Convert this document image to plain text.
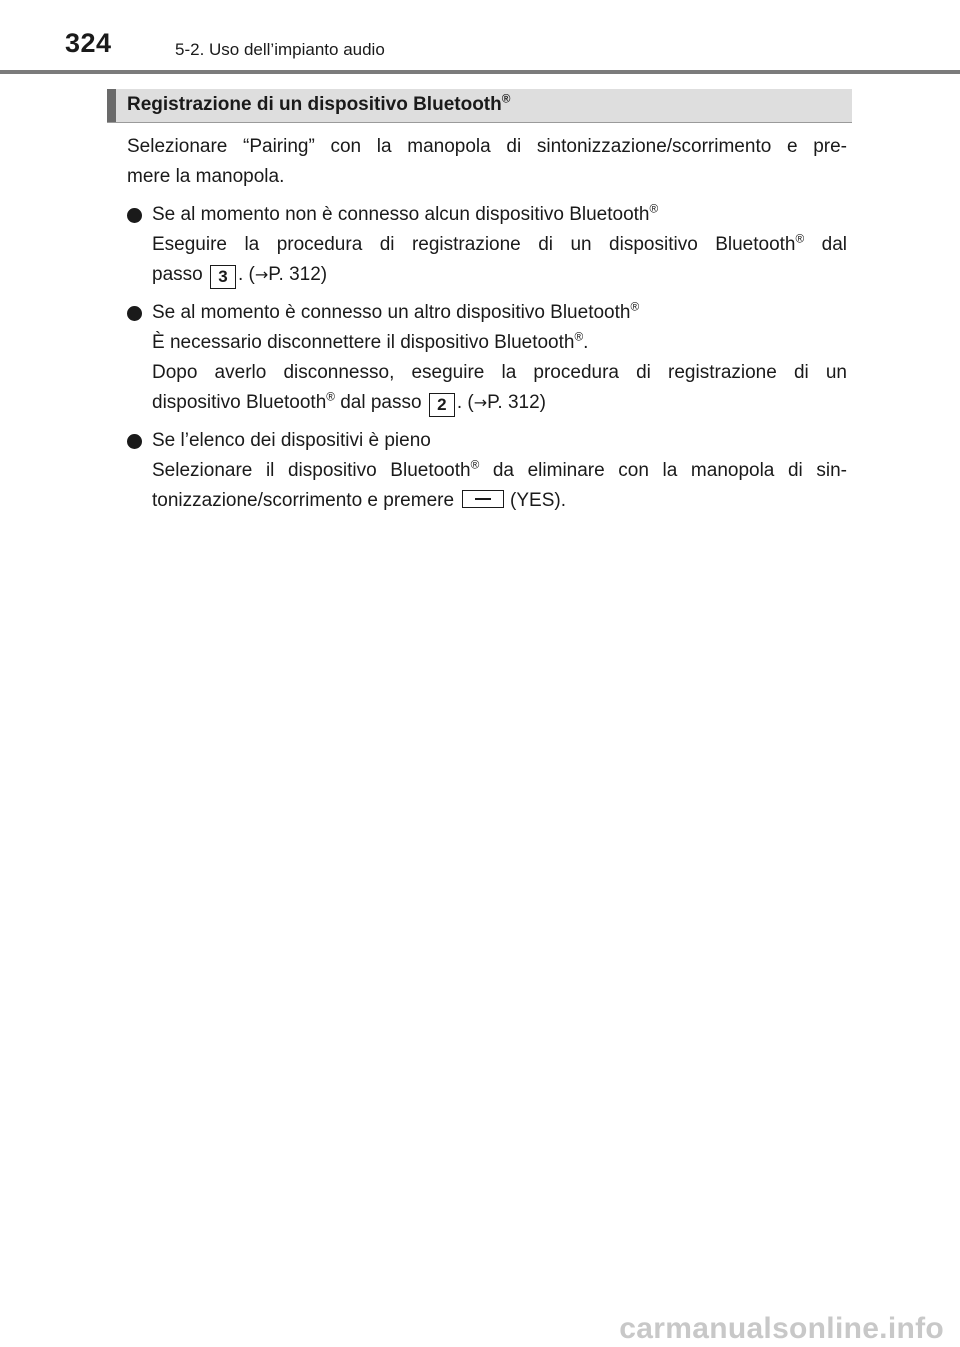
324	5-2. Uso dell’impianto audio
Registrazione di un dispositivo Bluetooth®
Selezionare “Pairing” con la manopola di sintonizzazione/scorrimento e pre-
mere la manopola.
Se al momento non è connesso alcun dispositivo Bluetooth®
Eseguire la procedura di registrazione di un dispositivo Bluetooth® dal
passo 3 . (→P. 312)
Se al momento è connesso un altro dispositivo Bluetooth®
È necessario disconnettere il dispositivo Bluetooth®.
Dopo averlo disconnesso, eseguire la procedura di registrazione di un
dispositivo Bluetooth® dal passo 2 . (→P. 312)
Se l’elenco dei dispositivi è pieno
Selezionare il dispositivo Bluetooth® da eliminare con la manopola di sin-
tonizzazione/scorrimento e premere	(YES).
carmanualsonline.info
